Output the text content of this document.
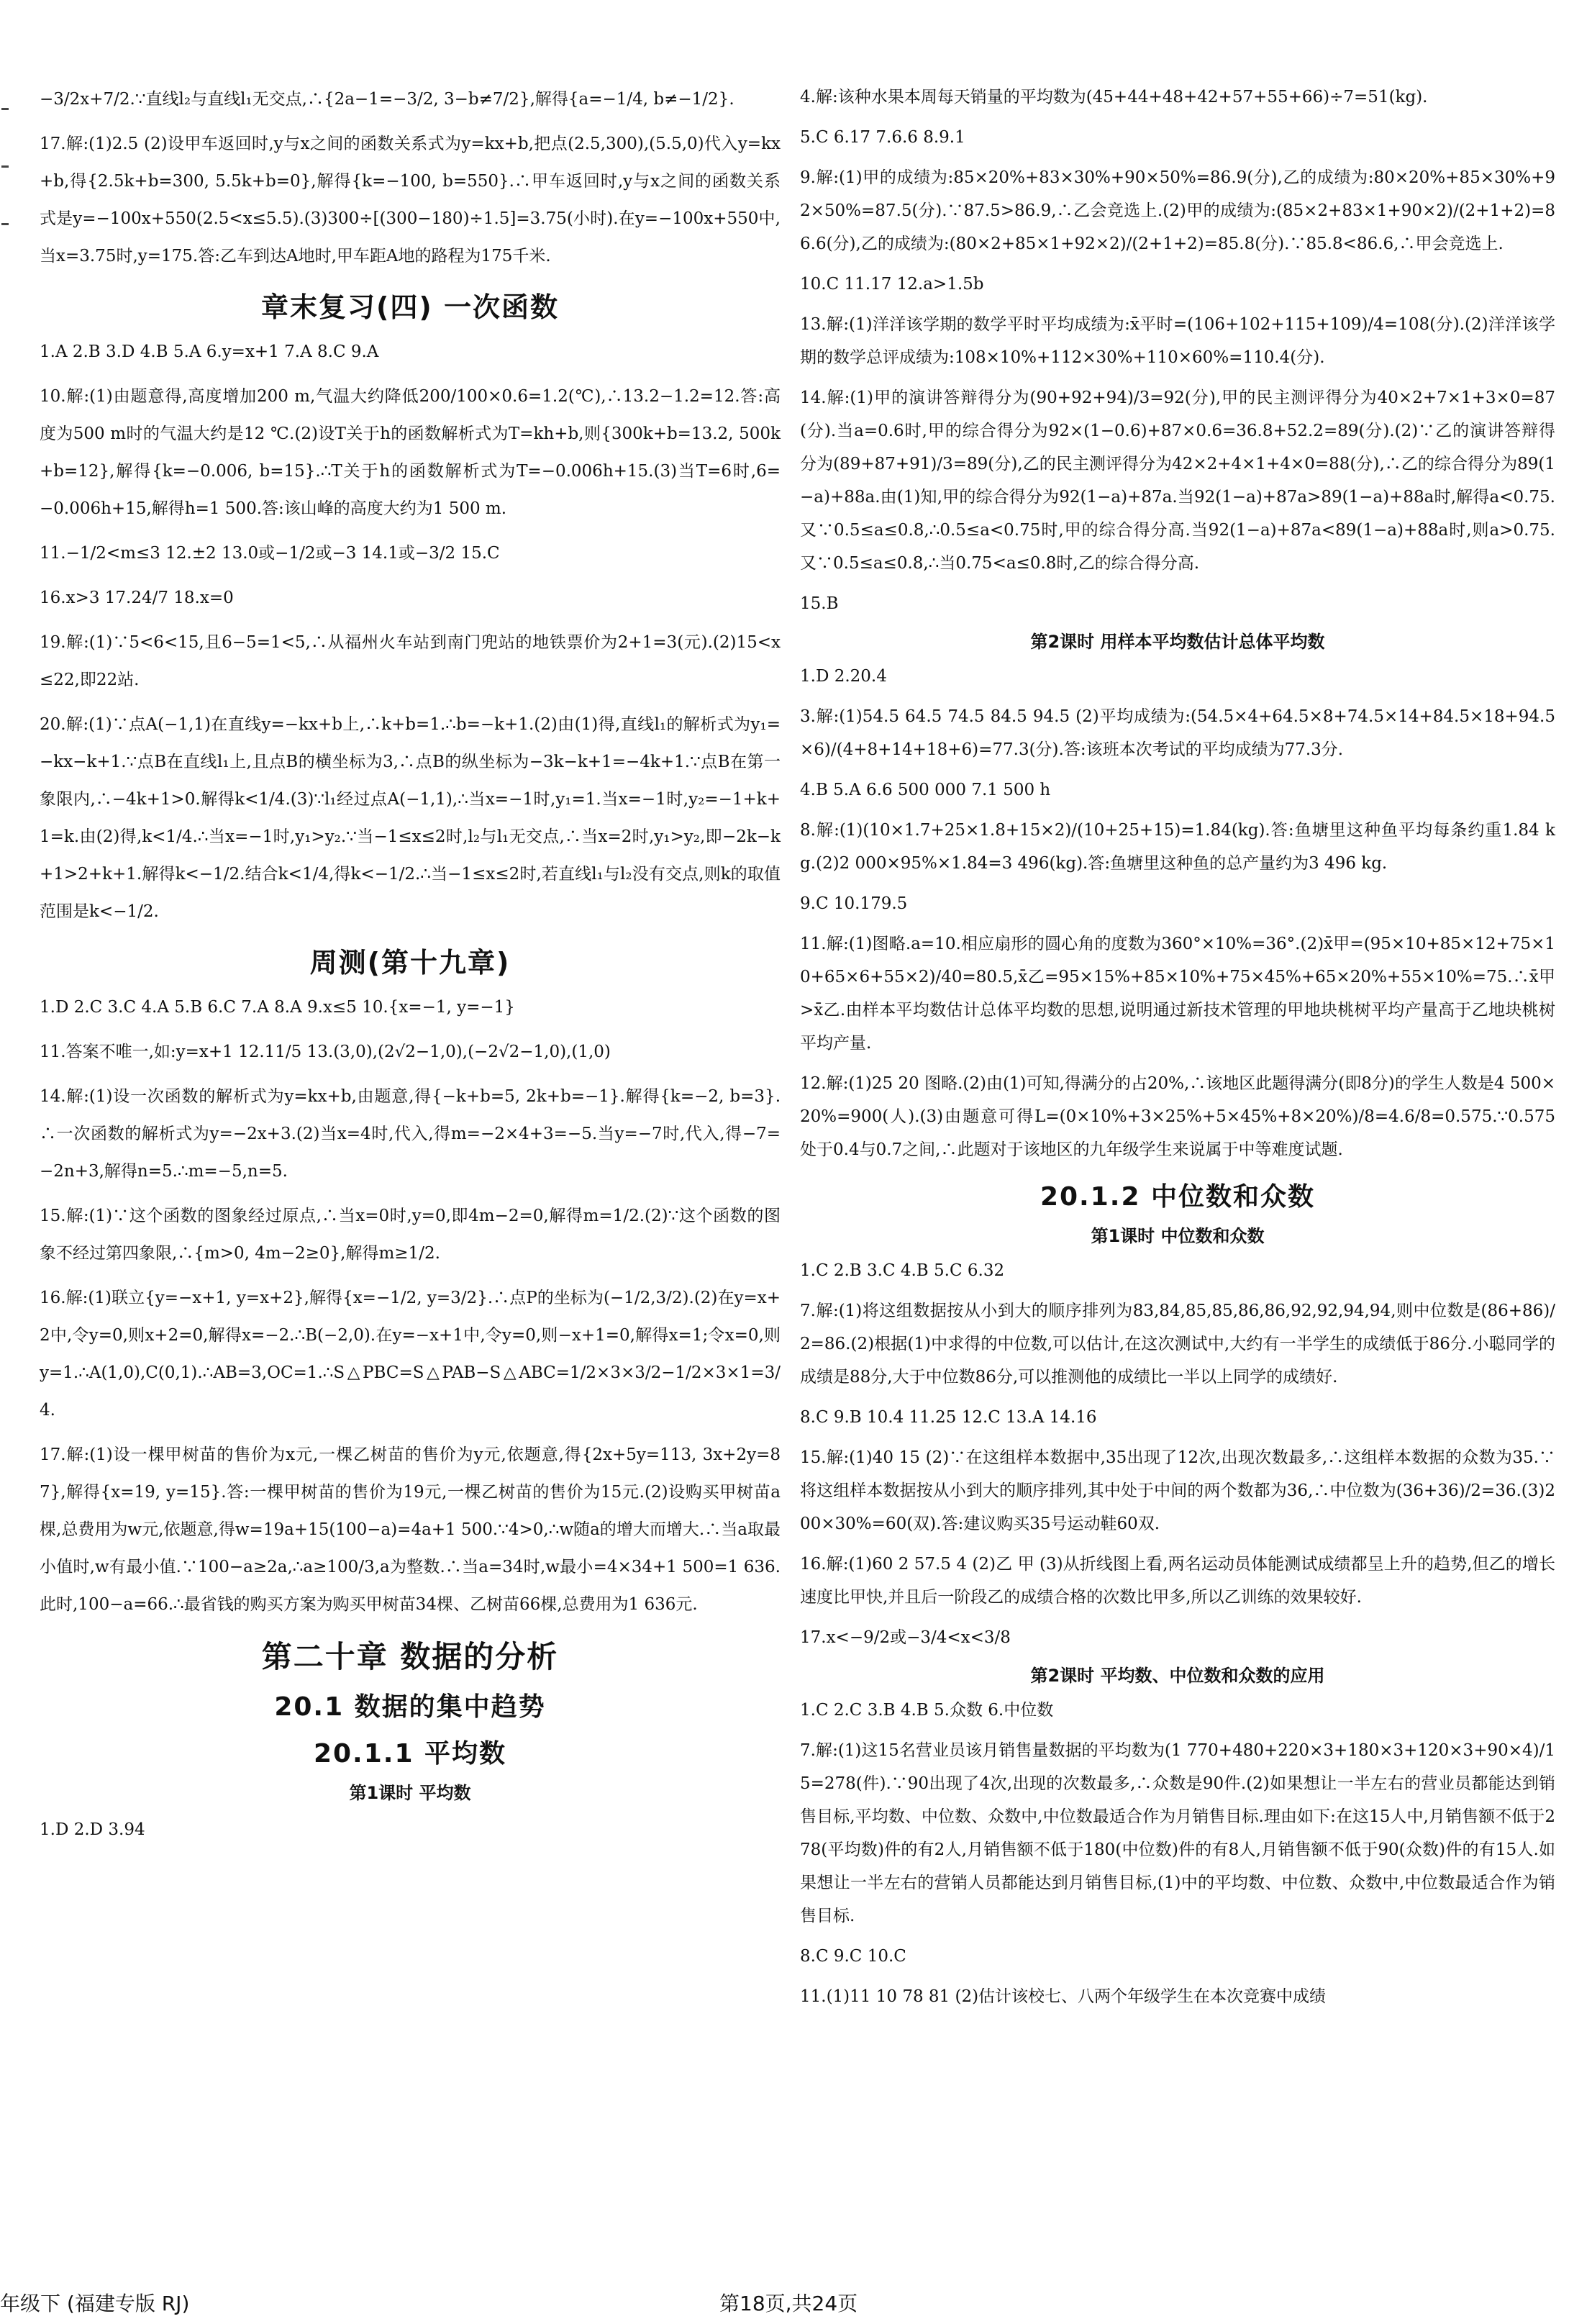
−3/2x+7/2.∵直线l₂与直线l₁无交点,∴{2a−1=−3/2, 3−b≠7/2},解得{a=−1/4, b≠−1/2}.

17.解:(1)2.5 (2)设甲车返回时,y与x之间的函数关系式为y=kx+b,把点(2.5,300),(5.5,0)代入y=kx+b,得{2.5k+b=300, 5.5k+b=0},解得{k=−100, b=550}.∴甲车返回时,y与x之间的函数关系式是y=−100x+550(2.5<x≤5.5).(3)300÷[(300−180)÷1.5]=3.75(小时).在y=−100x+550中,当x=3.75时,y=175.答:乙车到达A地时,甲车距A地的路程为175千米.

章末复习(四) 一次函数

1.A 2.B 3.D 4.B 5.A 6.y=x+1 7.A 8.C 9.A

10.解:(1)由题意得,高度增加200 m,气温大约降低200/100×0.6=1.2(℃),∴13.2−1.2=12.答:高度为500 m时的气温大约是12 ℃.(2)设T关于h的函数解析式为T=kh+b,则{300k+b=13.2, 500k+b=12},解得{k=−0.006, b=15}.∴T关于h的函数解析式为T=−0.006h+15.(3)当T=6时,6=−0.006h+15,解得h=1 500.答:该山峰的高度大约为1 500 m.

11.−1/2<m≤3 12.±2 13.0或−1/2或−3 14.1或−3/2 15.C

16.x>3 17.24/7 18.x=0

19.解:(1)∵5<6<15,且6−5=1<5,∴从福州火车站到南门兜站的地铁票价为2+1=3(元).(2)15<x≤22,即22站.

20.解:(1)∵点A(−1,1)在直线y=−kx+b上,∴k+b=1.∴b=−k+1.(2)由(1)得,直线l₁的解析式为y₁=−kx−k+1.∵点B在直线l₁上,且点B的横坐标为3,∴点B的纵坐标为−3k−k+1=−4k+1.∵点B在第一象限内,∴−4k+1>0.解得k<1/4.(3)∵l₁经过点A(−1,1),∴当x=−1时,y₁=1.当x=−1时,y₂=−1+k+1=k.由(2)得,k<1/4.∴当x=−1时,y₁>y₂.∵当−1≤x≤2时,l₂与l₁无交点,∴当x=2时,y₁>y₂,即−2k−k+1>2+k+1.解得k<−1/2.结合k<1/4,得k<−1/2.∴当−1≤x≤2时,若直线l₁与l₂没有交点,则k的取值范围是k<−1/2.

周测(第十九章)

1.D 2.C 3.C 4.A 5.B 6.C 7.A 8.A 9.x≤5 10.{x=−1, y=−1}

11.答案不唯一,如:y=x+1 12.11/5 13.(3,0),(2√2−1,0),(−2√2−1,0),(1,0)

14.解:(1)设一次函数的解析式为y=kx+b,由题意,得{−k+b=5, 2k+b=−1}.解得{k=−2, b=3}.∴一次函数的解析式为y=−2x+3.(2)当x=4时,代入,得m=−2×4+3=−5.当y=−7时,代入,得−7=−2n+3,解得n=5.∴m=−5,n=5.

15.解:(1)∵这个函数的图象经过原点,∴当x=0时,y=0,即4m−2=0,解得m=1/2.(2)∵这个函数的图象不经过第四象限,∴{m>0, 4m−2≥0},解得m≥1/2.

16.解:(1)联立{y=−x+1, y=x+2},解得{x=−1/2, y=3/2}.∴点P的坐标为(−1/2,3/2).(2)在y=x+2中,令y=0,则x+2=0,解得x=−2.∴B(−2,0).在y=−x+1中,令y=0,则−x+1=0,解得x=1;令x=0,则y=1.∴A(1,0),C(0,1).∴AB=3,OC=1.∴S△PBC=S△PAB−S△ABC=1/2×3×3/2−1/2×3×1=3/4.

17.解:(1)设一棵甲树苗的售价为x元,一棵乙树苗的售价为y元,依题意,得{2x+5y=113, 3x+2y=87},解得{x=19, y=15}.答:一棵甲树苗的售价为19元,一棵乙树苗的售价为15元.(2)设购买甲树苗a棵,总费用为w元,依题意,得w=19a+15(100−a)=4a+1 500.∵4>0,∴w随a的增大而增大.∴当a取最小值时,w有最小值.∵100−a≥2a,∴a≥100/3,a为整数.∴当a=34时,w最小=4×34+1 500=1 636.此时,100−a=66.∴最省钱的购买方案为购买甲树苗34棵、乙树苗66棵,总费用为1 636元.

第二十章 数据的分析
20.1 数据的集中趋势
20.1.1 平均数
第1课时 平均数

1.D 2.D 3.94

4.解:该种水果本周每天销量的平均数为(45+44+48+42+57+55+66)÷7=51(kg).

5.C 6.17 7.6.6 8.9.1

9.解:(1)甲的成绩为:85×20%+83×30%+90×50%=86.9(分),乙的成绩为:80×20%+85×30%+92×50%=87.5(分).∵87.5>86.9,∴乙会竞选上.(2)甲的成绩为:(85×2+83×1+90×2)/(2+1+2)=86.6(分),乙的成绩为:(80×2+85×1+92×2)/(2+1+2)=85.8(分).∵85.8<86.6,∴甲会竞选上.

10.C 11.17 12.a>1.5b

13.解:(1)洋洋该学期的数学平时平均成绩为:x̄平时=(106+102+115+109)/4=108(分).(2)洋洋该学期的数学总评成绩为:108×10%+112×30%+110×60%=110.4(分).

14.解:(1)甲的演讲答辩得分为(90+92+94)/3=92(分),甲的民主测评得分为40×2+7×1+3×0=87(分).当a=0.6时,甲的综合得分为92×(1−0.6)+87×0.6=36.8+52.2=89(分).(2)∵乙的演讲答辩得分为(89+87+91)/3=89(分),乙的民主测评得分为42×2+4×1+4×0=88(分),∴乙的综合得分为89(1−a)+88a.由(1)知,甲的综合得分为92(1−a)+87a.当92(1−a)+87a>89(1−a)+88a时,解得a<0.75.又∵0.5≤a≤0.8,∴0.5≤a<0.75时,甲的综合得分高.当92(1−a)+87a<89(1−a)+88a时,则a>0.75.又∵0.5≤a≤0.8,∴当0.75<a≤0.8时,乙的综合得分高.

15.B

第2课时 用样本平均数估计总体平均数

1.D 2.20.4

3.解:(1)54.5 64.5 74.5 84.5 94.5 (2)平均成绩为:(54.5×4+64.5×8+74.5×14+84.5×18+94.5×6)/(4+8+14+18+6)=77.3(分).答:该班本次考试的平均成绩为77.3分.

4.B 5.A 6.6 500 000 7.1 500 h

8.解:(1)(10×1.7+25×1.8+15×2)/(10+25+15)=1.84(kg).答:鱼塘里这种鱼平均每条约重1.84 kg.(2)2 000×95%×1.84=3 496(kg).答:鱼塘里这种鱼的总产量约为3 496 kg.

9.C 10.179.5

11.解:(1)图略.a=10.相应扇形的圆心角的度数为360°×10%=36°.(2)x̄甲=(95×10+85×12+75×10+65×6+55×2)/40=80.5,x̄乙=95×15%+85×10%+75×45%+65×20%+55×10%=75.∴x̄甲>x̄乙.由样本平均数估计总体平均数的思想,说明通过新技术管理的甲地块桃树平均产量高于乙地块桃树平均产量.

12.解:(1)25 20 图略.(2)由(1)可知,得满分的占20%,∴该地区此题得满分(即8分)的学生人数是4 500×20%=900(人).(3)由题意可得L=(0×10%+3×25%+5×45%+8×20%)/8=4.6/8=0.575.∵0.575处于0.4与0.7之间,∴此题对于该地区的九年级学生来说属于中等难度试题.

20.1.2 中位数和众数
第1课时 中位数和众数

1.C 2.B 3.C 4.B 5.C 6.32

7.解:(1)将这组数据按从小到大的顺序排列为83,84,85,85,86,86,92,92,94,94,则中位数是(86+86)/2=86.(2)根据(1)中求得的中位数,可以估计,在这次测试中,大约有一半学生的成绩低于86分.小聪同学的成绩是88分,大于中位数86分,可以推测他的成绩比一半以上同学的成绩好.

8.C 9.B 10.4 11.25 12.C 13.A 14.16

15.解:(1)40 15 (2)∵在这组样本数据中,35出现了12次,出现次数最多,∴这组样本数据的众数为35.∵将这组样本数据按从小到大的顺序排列,其中处于中间的两个数都为36,∴中位数为(36+36)/2=36.(3)200×30%=60(双).答:建议购买35号运动鞋60双.

16.解:(1)60 2 57.5 4 (2)乙 甲 (3)从折线图上看,两名运动员体能测试成绩都呈上升的趋势,但乙的增长速度比甲快,并且后一阶段乙的成绩合格的次数比甲多,所以乙训练的效果较好.

17.x<−9/2或−3/4<x<3/8

第2课时 平均数、中位数和众数的应用

1.C 2.C 3.B 4.B 5.众数 6.中位数

7.解:(1)这15名营业员该月销售量数据的平均数为(1 770+480+220×3+180×3+120×3+90×4)/15=278(件).∵90出现了4次,出现的次数最多,∴众数是90件.(2)如果想让一半左右的营业员都能达到销售目标,平均数、中位数、众数中,中位数最适合作为月销售目标.理由如下:在这15人中,月销售额不低于278(平均数)件的有2人,月销售额不低于180(中位数)件的有8人,月销售额不低于90(众数)件的有15人.如果想让一半左右的营销人员都能达到月销售目标,(1)中的平均数、中位数、众数中,中位数最适合作为销售目标.

8.C 9.C 10.C

11.(1)11 10 78 81 (2)估计该校七、八两个年级学生在本次竞赛中成绩

年级下 (福建专版 RJ)	第18页,共24页
